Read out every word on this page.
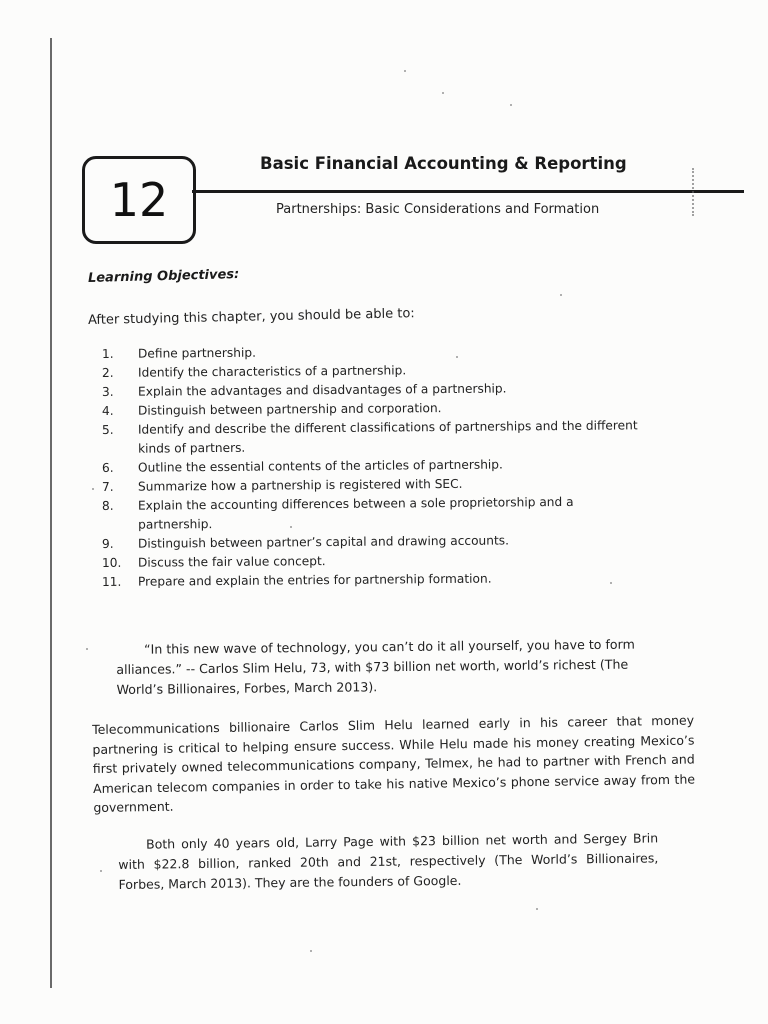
12
Basic Financial Accounting & Reporting
Partnerships: Basic Considerations and Formation
Learning Objectives:
After studying this chapter, you should be able to:
1.	Define partnership.
2.	Identify the characteristics of a partnership.
3.	Explain the advantages and disadvantages of a partnership.
4.	Distinguish between partnership and corporation.
5.	Identify and describe the different classifications of partnerships and the different kinds of partners.
6.	Outline the essential contents of the articles of partnership.
7.	Summarize how a partnership is registered with SEC.
8.	Explain the accounting differences between a sole proprietorship and a partnership.
9.	Distinguish between partner’s capital and drawing accounts.
10.	Discuss the fair value concept.
11.	Prepare and explain the entries for partnership formation.

“In this new wave of technology, you can’t do it all yourself, you have to form alliances.” -- Carlos Slim Helu, 73, with $73 billion net worth, world’s richest (The World’s Billionaires, Forbes, March 2013).

Telecommunications billionaire Carlos Slim Helu learned early in his career that money partnering is critical to helping ensure success. While Helu made his money creating Mexico’s first privately owned telecommunications company, Telmex, he had to partner with French and American telecom companies in order to take his native Mexico’s phone service away from the government.

Both only 40 years old, Larry Page with $23 billion net worth and Sergey Brin with $22.8 billion, ranked 20th and 21st, respectively (The World’s Billionaires, Forbes, March 2013). They are the founders of Google.
